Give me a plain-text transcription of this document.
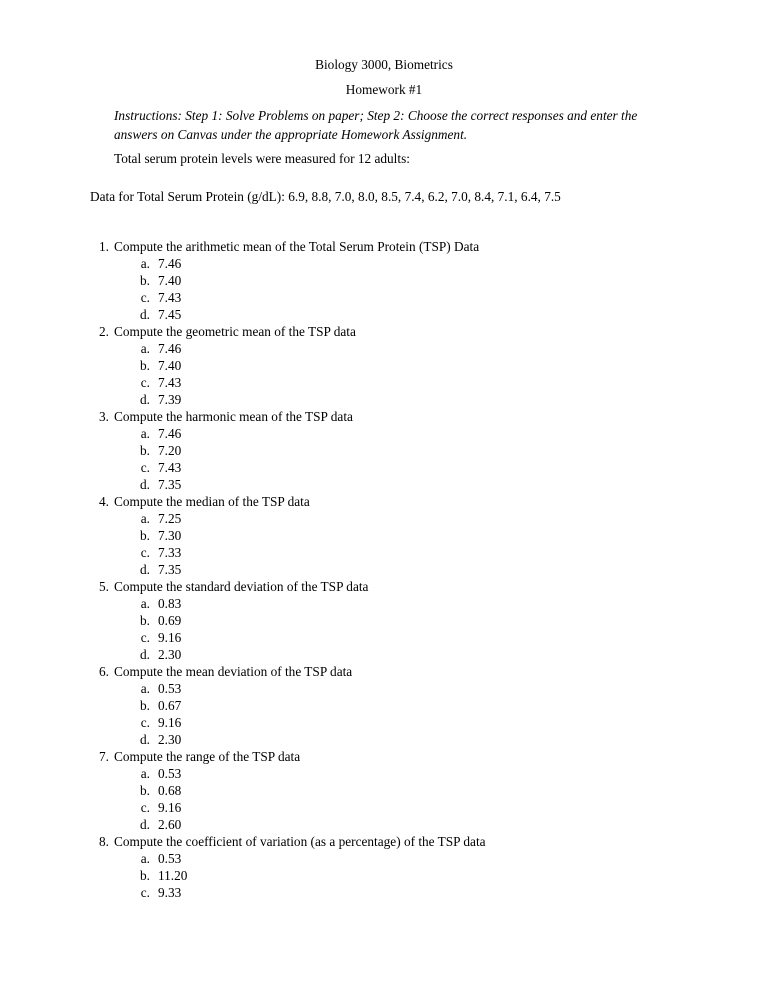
Biology 3000, Biometrics
Homework #1
Instructions: Step 1: Solve Problems on paper; Step 2: Choose the correct responses and enter the answers on Canvas under the appropriate Homework Assignment.
Total serum protein levels were measured for 12 adults:
Data for Total Serum Protein (g/dL): 6.9, 8.8, 7.0, 8.0, 8.5, 7.4, 6.2, 7.0, 8.4, 7.1, 6.4, 7.5
1. Compute the arithmetic mean of the Total Serum Protein (TSP) Data
a. 7.46
b. 7.40
c. 7.43
d. 7.45
2. Compute the geometric mean of the TSP data
a. 7.46
b. 7.40
c. 7.43
d. 7.39
3. Compute the harmonic mean of the TSP data
a. 7.46
b. 7.20
c. 7.43
d. 7.35
4. Compute the median of the TSP data
a. 7.25
b. 7.30
c. 7.33
d. 7.35
5. Compute the standard deviation of the TSP data
a. 0.83
b. 0.69
c. 9.16
d. 2.30
6. Compute the mean deviation of the TSP data
a. 0.53
b. 0.67
c. 9.16
d. 2.30
7. Compute the range of the TSP data
a. 0.53
b. 0.68
c. 9.16
d. 2.60
8. Compute the coefficient of variation (as a percentage) of the TSP data
a. 0.53
b. 11.20
c. 9.33
